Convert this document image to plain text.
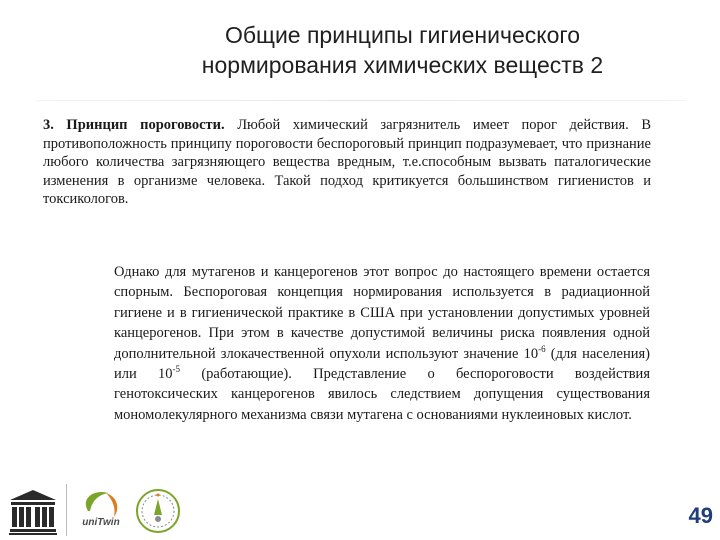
Общие принципы гигиенического
нормирования химических веществ 2
3. Принцип пороговости. Любой химический загрязнитель имеет порог действия. В противоположность принципу пороговости беспороговый принцип подразумевает, что признание любого количества загрязняющего вещества вредным, т.е.способным вызвать паталогические изменения в организме человека. Такой подход критикуется большинством гигиенистов и токсикологов.
Однако для мутагенов и канцерогенов этот вопрос до настоящего времени остается спорным. Беспороговая концепция нормирования используется в радиационной гигиене и в гигиенической практике в США при установлении допустимых уровней канцерогенов. При этом в качестве допустимой величины риска появления одной дополнительной злокачественной опухоли используют значение $10^{-6}$ (для населения) или $10^{-5}$ (работающие). Представление о беспороговости воздействия генотоксических канцерогенов явилось следствием допущения существования мономолекулярного механизма связи мутагена с основаниями нуклеиновых кислот.
uniTwin	49
